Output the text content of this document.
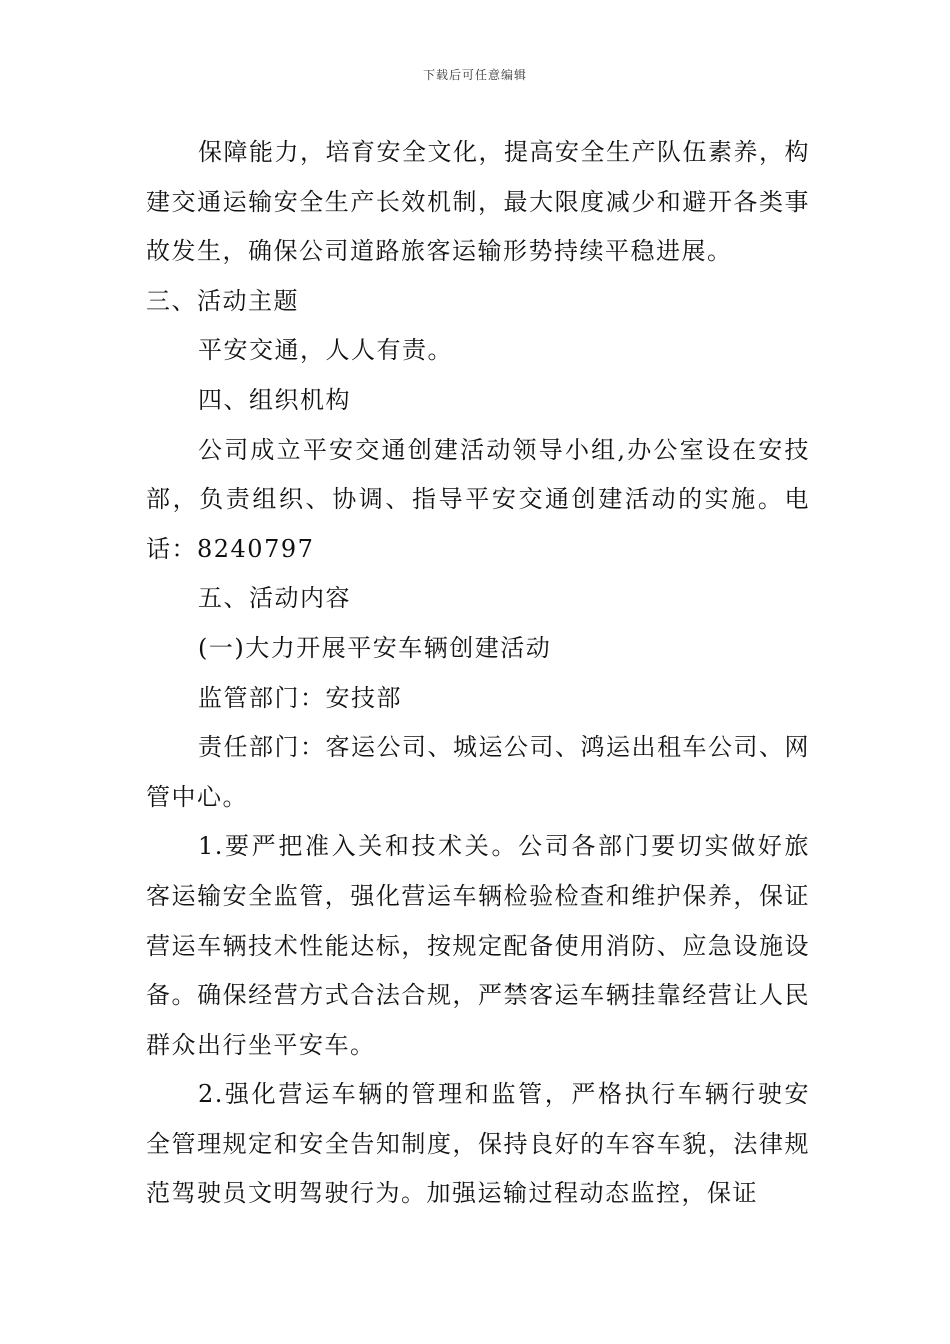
下载后可任意编辑

保障能力，培育安全文化，提高安全生产队伍素养，构建交通运输安全生产长效机制，最大限度减少和避开各类事故发生，确保公司道路旅客运输形势持续平稳进展。

三、活动主题

平安交通，人人有责。

四、组织机构

公司成立平安交通创建活动领导小组,办公室设在安技部，负责组织、协调、指导平安交通创建活动的实施。电话：8240797

五、活动内容

(一)大力开展平安车辆创建活动

监管部门：安技部

责任部门：客运公司、城运公司、鸿运出租车公司、网管中心。

1.要严把准入关和技术关。公司各部门要切实做好旅客运输安全监管，强化营运车辆检验检查和维护保养，保证营运车辆技术性能达标，按规定配备使用消防、应急设施设备。确保经营方式合法合规，严禁客运车辆挂靠经营让人民群众出行坐平安车。

2.强化营运车辆的管理和监管，严格执行车辆行驶安全管理规定和安全告知制度，保持良好的车容车貌，法律规范驾驶员文明驾驶行为。加强运输过程动态监控，保证
